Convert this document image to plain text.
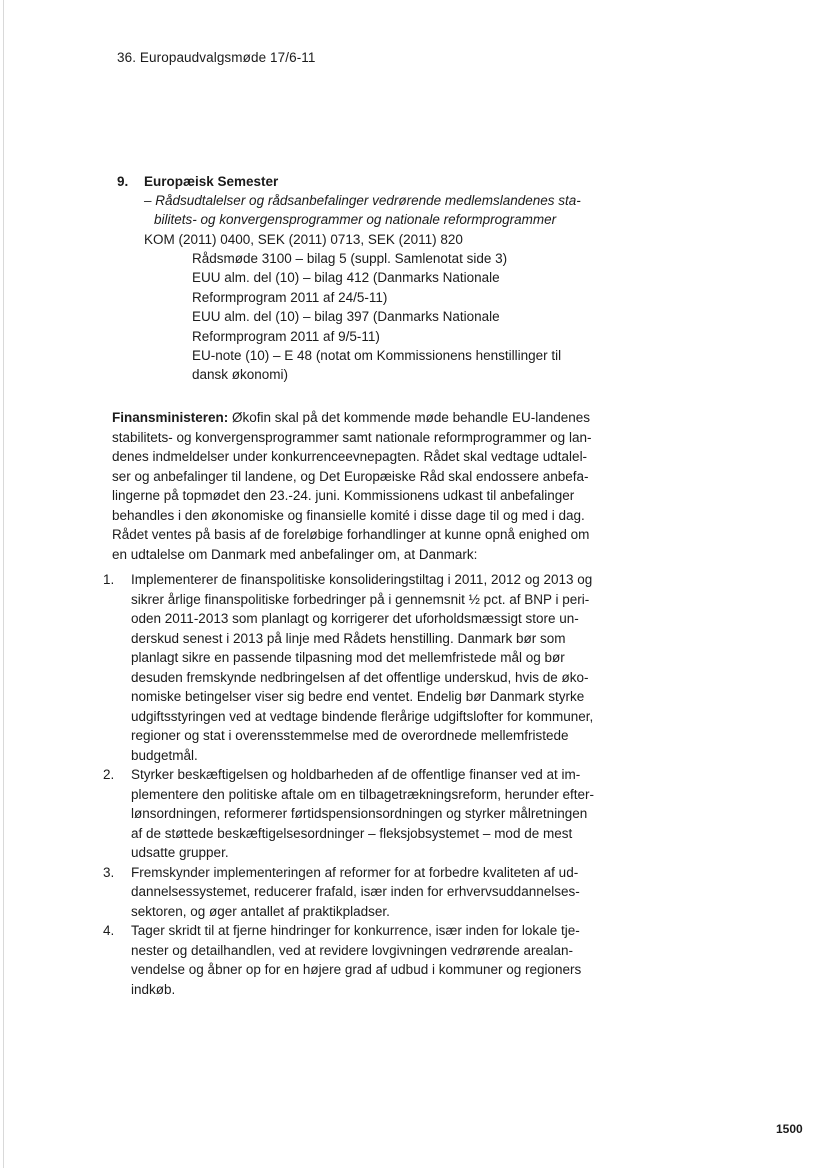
36. Europaudvalgsmøde 17/6-11
9. Europæisk Semester
– Rådsudtalelser og rådsanbefalinger vedrørende medlemslandenes sta-
bilitets- og konvergensprogrammer og nationale reformprogrammer
KOM (2011) 0400, SEK (2011) 0713, SEK (2011) 820
Rådsmøde 3100 – bilag 5 (suppl. Samlenotat side 3)
EUU alm. del (10) – bilag 412 (Danmarks Nationale
Reformprogram 2011 af 24/5-11)
EUU alm. del (10) – bilag 397 (Danmarks Nationale
Reformprogram 2011 af 9/5-11)
EU-note (10) – E 48 (notat om Kommissionens henstillinger til
dansk økonomi)
Finansministeren: Økofin skal på det kommende møde behandle EU-landenes
stabilitets- og konvergensprogrammer samt nationale reformprogrammer og lan-
denes indmeldelser under konkurrenceevnepagten. Rådet skal vedtage udtalel-
ser og anbefalinger til landene, og Det Europæiske Råd skal endossere anbefa-
lingerne på topmødet den 23.-24. juni. Kommissionens udkast til anbefalinger
behandles i den økonomiske og finansielle komité i disse dage til og med i dag.
Rådet ventes på basis af de foreløbige forhandlinger at kunne opnå enighed om
en udtalelse om Danmark med anbefalinger om, at Danmark:
1. Implementerer de finanspolitiske konsolideringstiltag i 2011, 2012 og 2013 og
sikrer årlige finanspolitiske forbedringer på i gennemsnit ½ pct. af BNP i peri-
oden 2011-2013 som planlagt og korrigerer det uforholdsmæssigt store un-
derskud senest i 2013 på linje med Rådets henstilling. Danmark bør som
planlagt sikre en passende tilpasning mod det mellemfristede mål og bør
desuden fremskynde nedbringelsen af det offentlige underskud, hvis de øko-
nomiske betingelser viser sig bedre end ventet. Endelig bør Danmark styrke
udgiftsstyringen ved at vedtage bindende flerårige udgiftslofter for kommuner,
regioner og stat i overensstemmelse med de overordnede mellemfristede
budgetmål.
2. Styrker beskæftigelsen og holdbarheden af de offentlige finanser ved at im-
plementere den politiske aftale om en tilbagetrækningsreform, herunder efter-
lønsordningen, reformerer førtidspensionsordningen og styrker målretningen
af de støttede beskæftigelsesordninger – fleksjobsystemet – mod de mest
udsatte grupper.
3. Fremskynder implementeringen af reformer for at forbedre kvaliteten af ud-
dannelsessystemet, reducerer frafald, især inden for erhvervsuddannelses-
sektoren, og øger antallet af praktikpladser.
4. Tager skridt til at fjerne hindringer for konkurrence, især inden for lokale tje-
nester og detailhandlen, ved at revidere lovgivningen vedrørende arealan-
vendelse og åbner op for en højere grad af udbud i kommuner og regioners
indkøb.
1500
